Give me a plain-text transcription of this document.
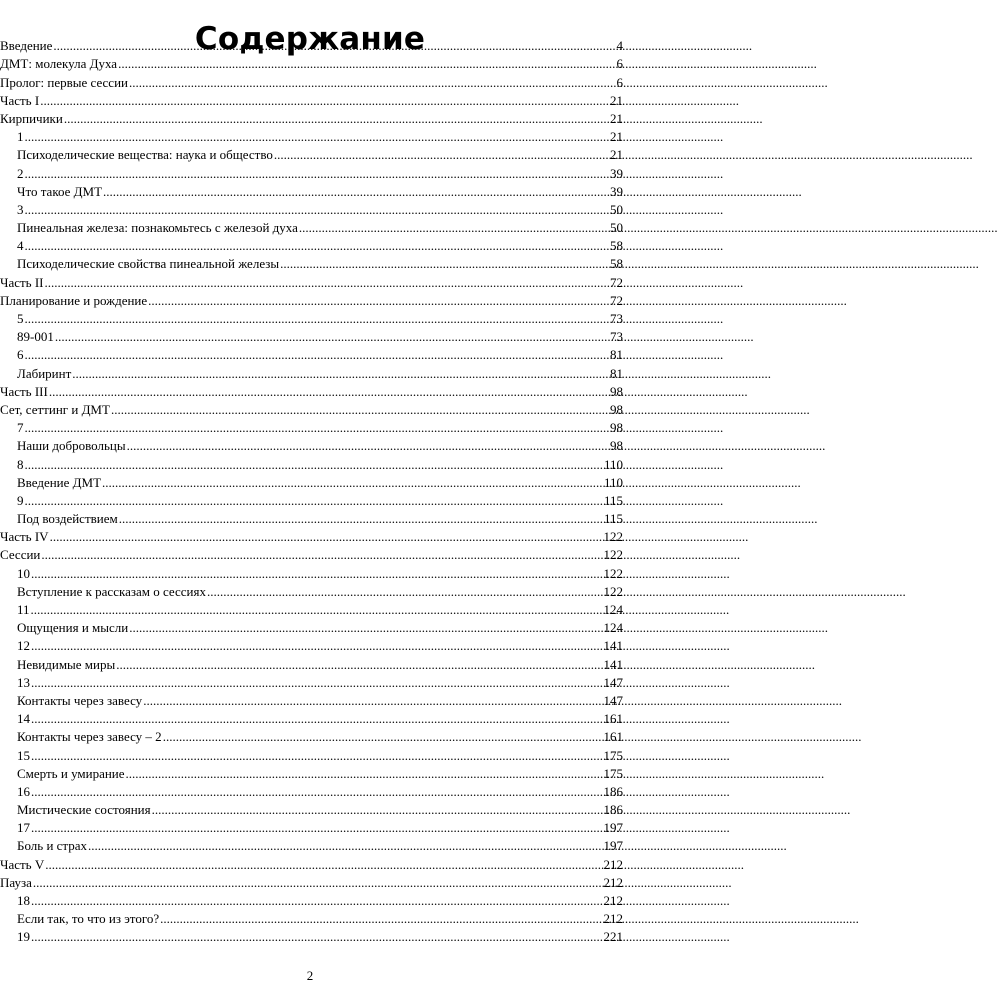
Содержание
Введение .....	4
ДМТ: молекула Духа .....	6
Пролог: первые сессии .....	6
Часть I .....	21
Кирпичики .....	21
1 .....	21
Психоделические вещества: наука и общество .....	21
2 .....	39
Что такое ДМТ .....	39
3 .....	50
Пинеальная железа: познакомьтесь с железой духа .....	50
4 .....	58
Психоделические свойства пинеальной железы .....	58
Часть II .....	72
Планирование и рождение .....	72
5 .....	73
89-001 .....	73
6 .....	81
Лабиринт .....	81
Часть III .....	98
Сет, сеттинг и ДМТ .....	98
7 .....	98
Наши добровольцы .....	98
8 .....	110
Введение ДМТ .....	110
9 .....	115
Под воздействием .....	115
Часть IV .....	122
Сессии .....	122
10 .....	122
Вступление к рассказам о сессиях .....	122
11 .....	124
Ощущения и мысли .....	124
12 .....	141
Невидимые миры .....	141
13 .....	147
Контакты через завесу .....	147
14 .....	161
Контакты через завесу – 2 .....	161
15 .....	175
Смерть и умирание .....	175
16 .....	186
Мистические состояния .....	186
17 .....	197
Боль и страх .....	197
Часть V .....	212
Пауза .....	212
18 .....	212
Если так, то что из этого? .....	212
19 .....	221
2
